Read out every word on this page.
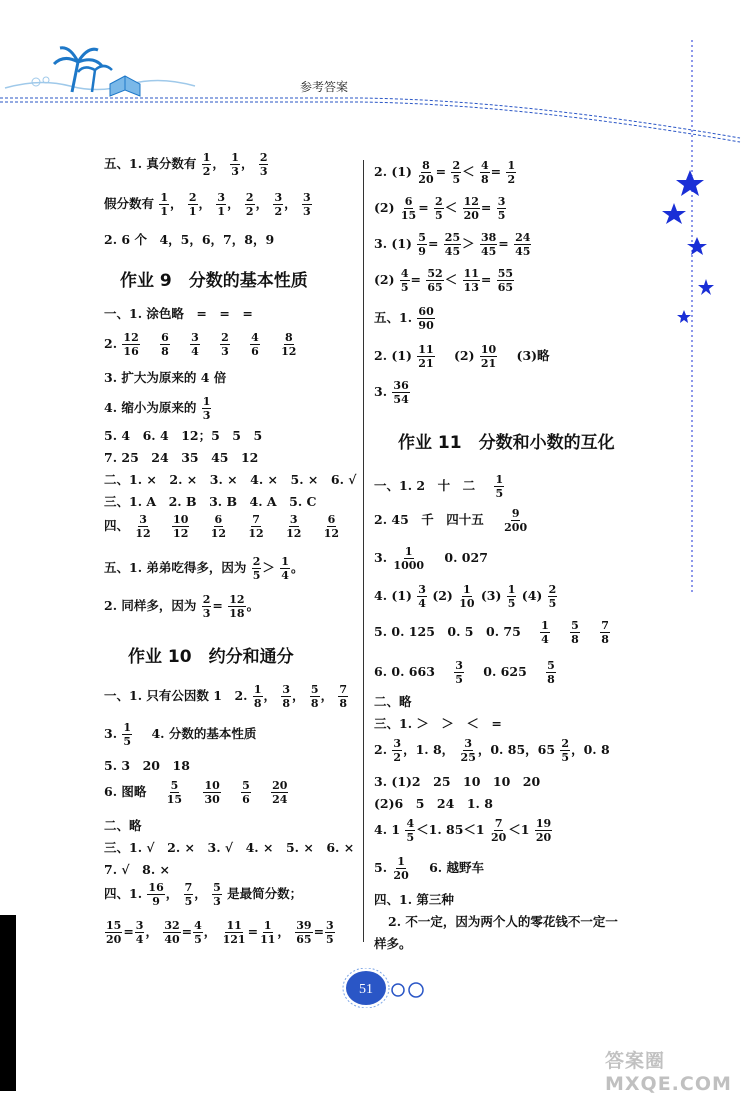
参考答案
五、1. 真分数有 $\frac{1}{2}$ ， $\frac{1}{3}$ ， $\frac{2}{3}$
假分数有 $\frac{1}{1}$ ， $\frac{2}{1}$ ， $\frac{3}{1}$ ， $\frac{2}{2}$ ， $\frac{3}{2}$ ， $\frac{3}{3}$
2. 6 个　4，5，6，7，8，9
作业 9　分数的基本性质
一、1. 涂色略　=　=　=
2. $\frac{12}{16}$
$\frac{6}{8}$
$\frac{3}{4}$
$\frac{2}{3}$
$\frac{4}{6}$
$\frac{8}{12}$
3. 扩大为原来的 4 倍
4. 缩小为原来的 $\frac{1}{3}$
5. 4　6. 4　12；5　5　5
7. 25　24　35　45　12
二、1. ×　2. ×　3. ×　4. ×　5. ×　6. √
三、1. A　2. B　3. B　4. A　5. C
四、 $\frac{3}{12}$
$\frac{10}{12}$
$\frac{6}{12}$
$\frac{7}{12}$
$\frac{3}{12}$
$\frac{6}{12}$
五、1. 弟弟吃得多，因为 $\frac{2}{5} > \frac{1}{4}$ 。
2. 同样多，因为 $\frac{2}{3} = \frac{12}{18}$ 。
作业 10　约分和通分
一、1. 只有公因数 1　2. $\frac{1}{8}$ ， $\frac{3}{8}$ ， $\frac{5}{8}$ ， $\frac{7}{8}$
3. $\frac{1}{5} 4$. 分数的基本性质
5. 3　20　18
6. 图略 $\frac{5}{15}$
$\frac{10}{30}$
$\frac{5}{6}$
$\frac{20}{24}$
二、略
三、1. √　2. ×　3. √　4. ×　5. ×　6. ×
7. √　8. ×
四、1. $\frac{16}{9}$ ， $\frac{7}{5}$ ， $\frac{5}{3}$ 是最简分数；
$\frac{15}{20} = \frac{3}{4}$ ， $\frac{32}{40} = \frac{4}{5}$ ， $\frac{11}{121} = \frac{1}{11}$ ， $\frac{39}{65} = \frac{3}{5}$
2. $(1) \frac{8}{20} = \frac{2}{5} < \frac{4}{8} = \frac{1}{2}$
$(2) \frac{6}{15} = \frac{2}{5} < \frac{12}{20} = \frac{3}{5}$
3. $(1) \frac{5}{9} = \frac{25}{45} > \frac{38}{45} = \frac{24}{45}$
$(2) \frac{4}{5} = \frac{52}{65} < \frac{11}{13} = \frac{55}{65}$
五、1. $\frac{60}{90}$
2. $(1) \frac{11}{21} (2) \frac{10}{21} (3)$略
3. $\frac{36}{54}$
作业 11　分数和小数的互化
一、1. 2　十　二 $\frac{1}{5}$
2. 45　千　四十五 $\frac{9}{200}$
3. $\frac{1}{1000} 0$. 027
4. $(1) \frac{3}{4} (2) \frac{1}{10} (3) \frac{1}{5} (4) \frac{2}{5}$
5. 0. 125　0. 5　0. $75 \frac{1}{4}$
$\frac{5}{8}$
$\frac{7}{8}$
6. 0. $663 \frac{3}{5} 0$. $625 \frac{5}{8}$
二、略
三、1. ＞　＞　＜　=
2. $\frac{3}{2}$ ，1. 8， $\frac{3}{25}$ ，0. 85，$65 \frac{2}{5}$ ，0. 8
3. (1)2　25　10　10　20
(2)6　5　24　1. 8
4. $1 \frac{4}{5} <1$. $85<1 \frac{7}{20} <1 \frac{19}{20}$
5. $\frac{1}{20} 6$. 越野车
四、1. 第三种
2. 不一定，因为两个人的零花钱不一定一
样多。
51
答案圈 MXQE.COM
